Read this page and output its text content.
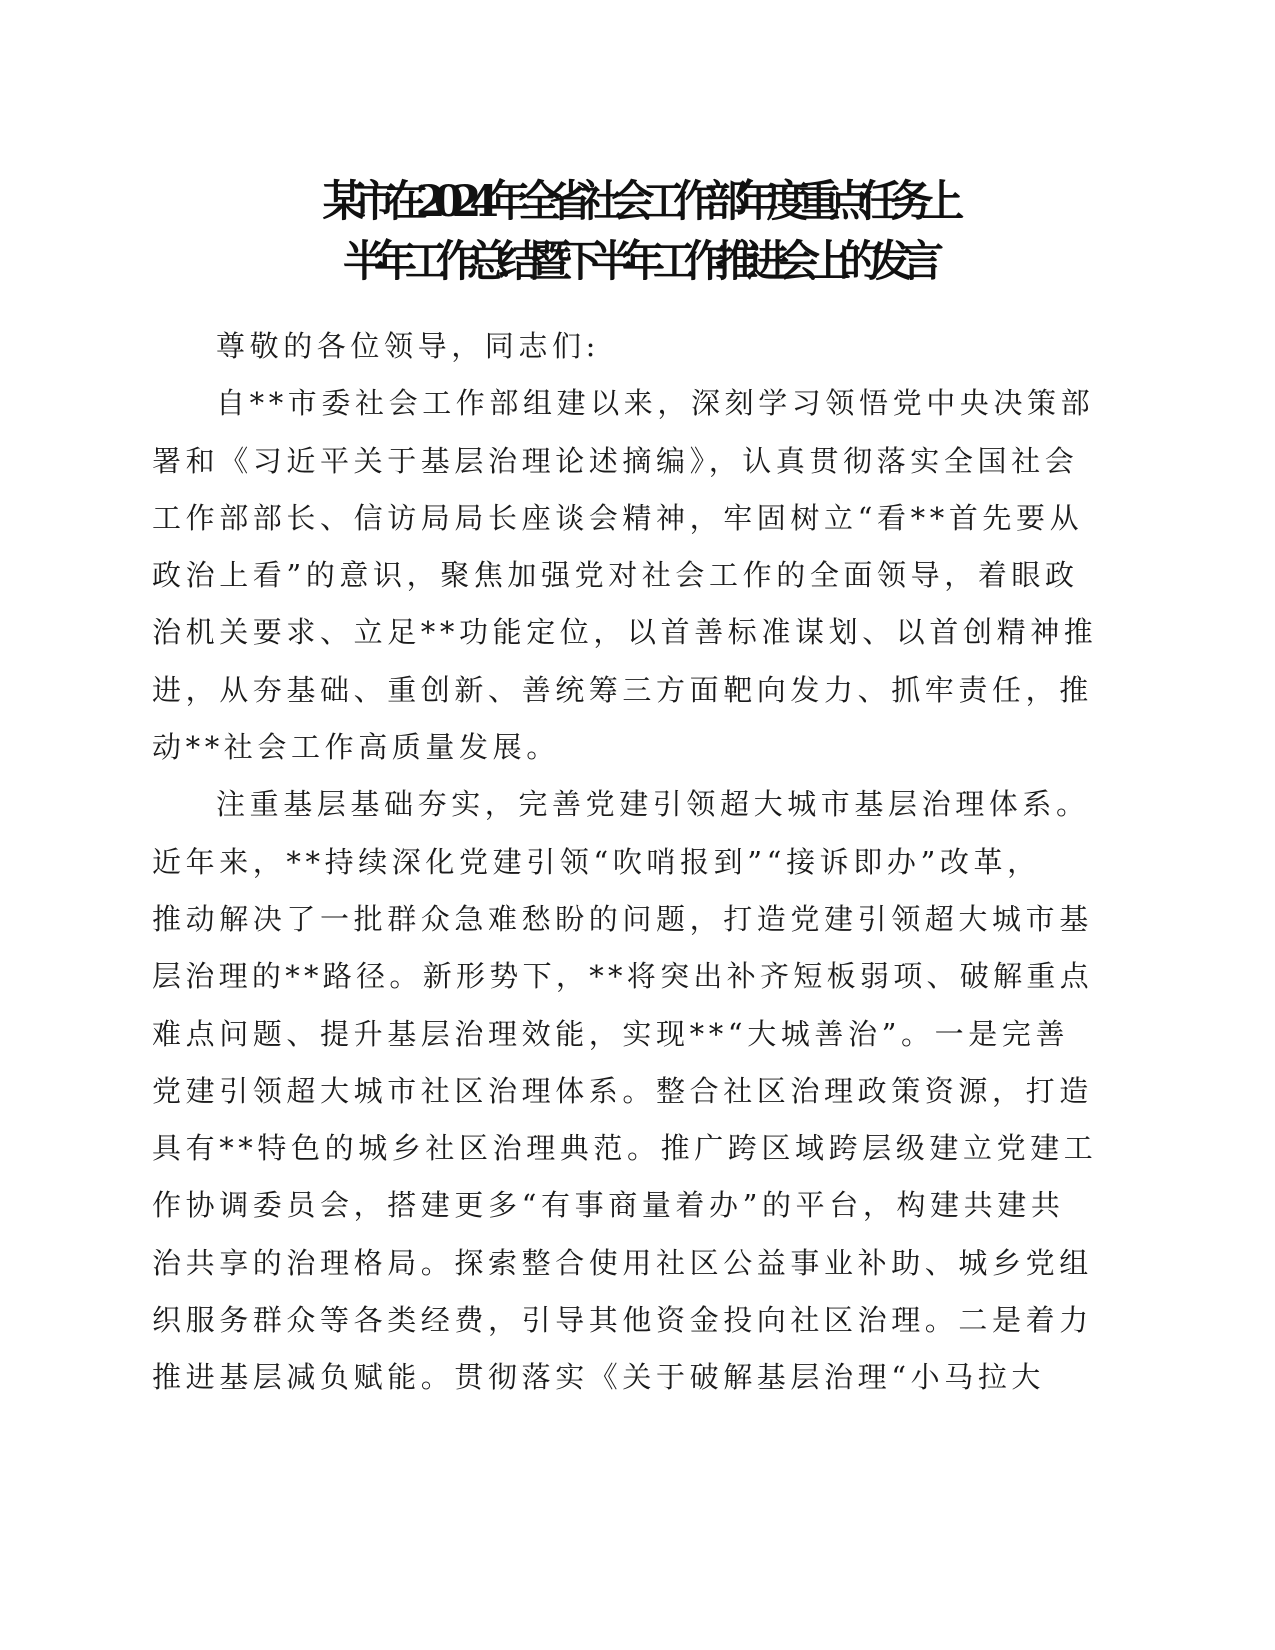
某市在2024年全省社会工作部年度重点任务上
半年工作总结暨下半年工作推进会上的发言
尊敬的各位领导，同志们:
自**市委社会工作部组建以来，深刻学习领悟党中央决策部
署和《习近平关于基层治理论述摘编》，认真贯彻落实全国社会
工作部部长、信访局局长座谈会精神，牢固树立“看**首先要从
政治上看”的意识，聚焦加强党对社会工作的全面领导，着眼政
治机关要求、立足**功能定位，以首善标准谋划、以首创精神推
进，从夯基础、重创新、善统筹三方面靶向发力、抓牢责任，推
动**社会工作高质量发展。
注重基层基础夯实，完善党建引领超大城市基层治理体系。
近年来，**持续深化党建引领“吹哨报到”“接诉即办”改革，
推动解决了一批群众急难愁盼的问题，打造党建引领超大城市基
层治理的**路径。新形势下，**将突出补齐短板弱项、破解重点
难点问题、提升基层治理效能，实现**“大城善治”。一是完善
党建引领超大城市社区治理体系。整合社区治理政策资源，打造
具有**特色的城乡社区治理典范。推广跨区域跨层级建立党建工
作协调委员会，搭建更多“有事商量着办”的平台，构建共建共
治共享的治理格局。探索整合使用社区公益事业补助、城乡党组
织服务群众等各类经费，引导其他资金投向社区治理。二是着力
推进基层减负赋能。贯彻落实《关于破解基层治理“小马拉大
